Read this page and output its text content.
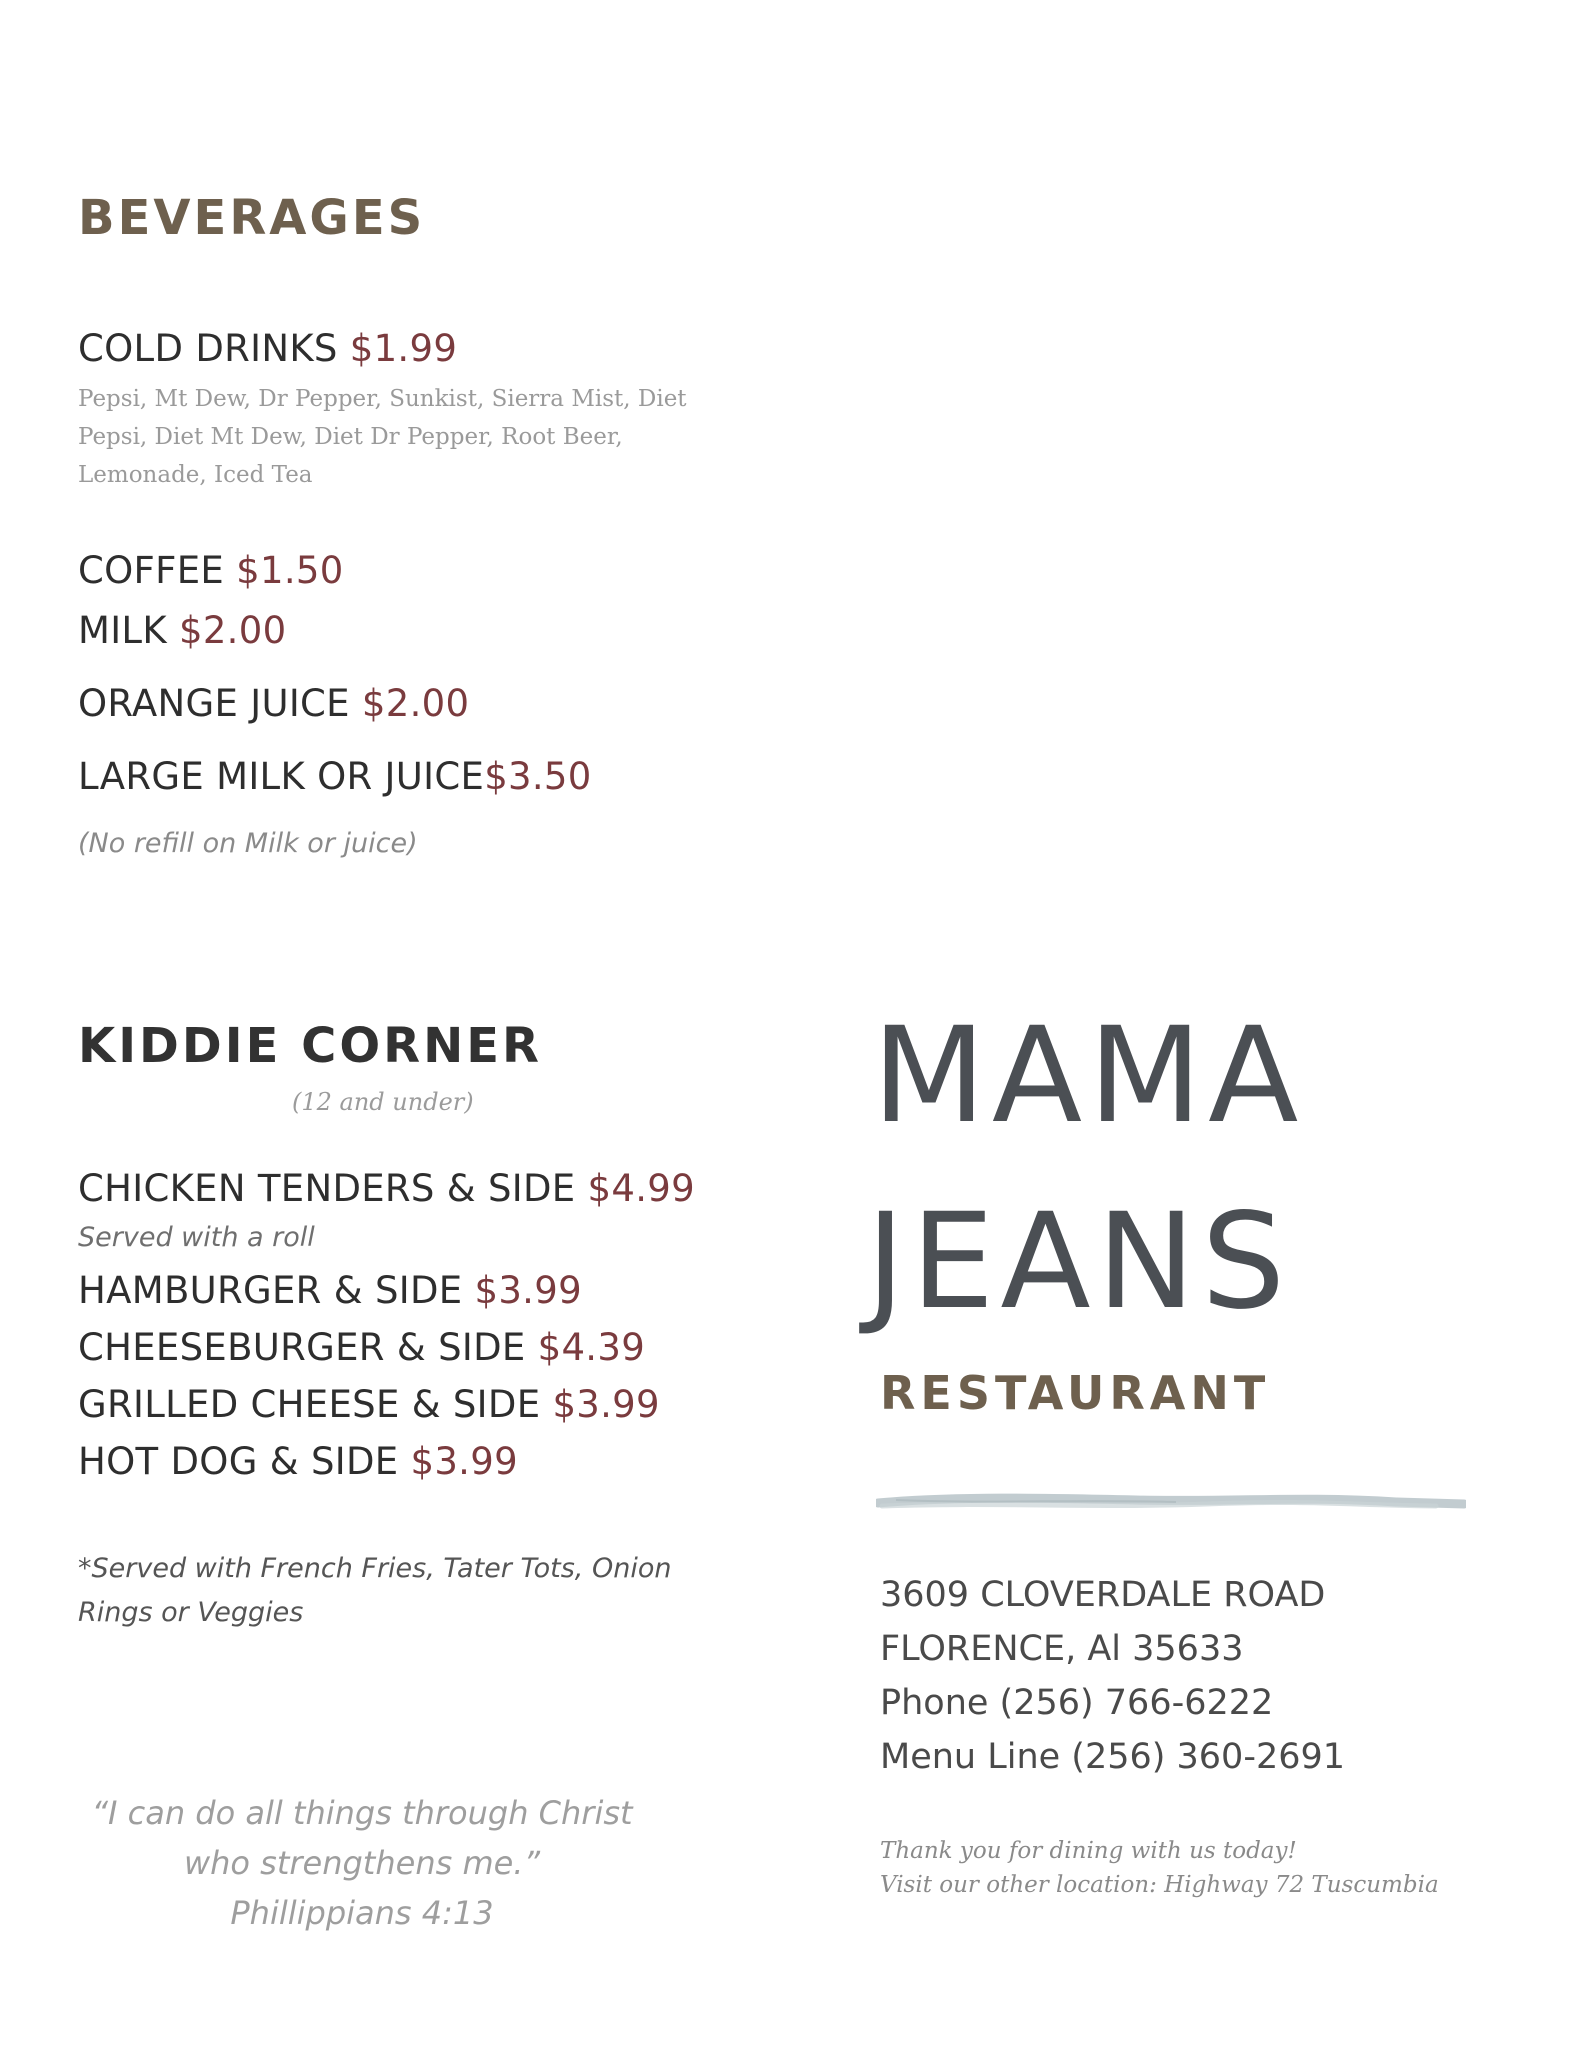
BEVERAGES
COLD DRINKS $1.99
Pepsi, Mt Dew, Dr Pepper, Sunkist, Sierra Mist, Diet Pepsi, Diet Mt Dew, Diet Dr Pepper, Root Beer, Lemonade, Iced Tea
COFFEE $1.50
MILK $2.00
ORANGE JUICE $2.00
LARGE MILK OR JUICE$3.50
(No refill on Milk or juice)
KIDDIE CORNER
(12 and under)
CHICKEN TENDERS & SIDE $4.99
Served with a roll
HAMBURGER & SIDE $3.99
CHEESEBURGER & SIDE $4.39
GRILLED CHEESE & SIDE $3.99
HOT DOG & SIDE $3.99
*Served with French Fries, Tater Tots, Onion Rings or Veggies
“I can do all things through Christ
who strengthens me.”
Phillippians 4:13
MAMA
JEANS
RESTAURANT
3609 CLOVERDALE ROAD
FLORENCE, Al 35633
Phone (256) 766-6222
Menu Line (256) 360-2691
Thank you for dining with us today!
Visit our other location: Highway 72 Tuscumbia
